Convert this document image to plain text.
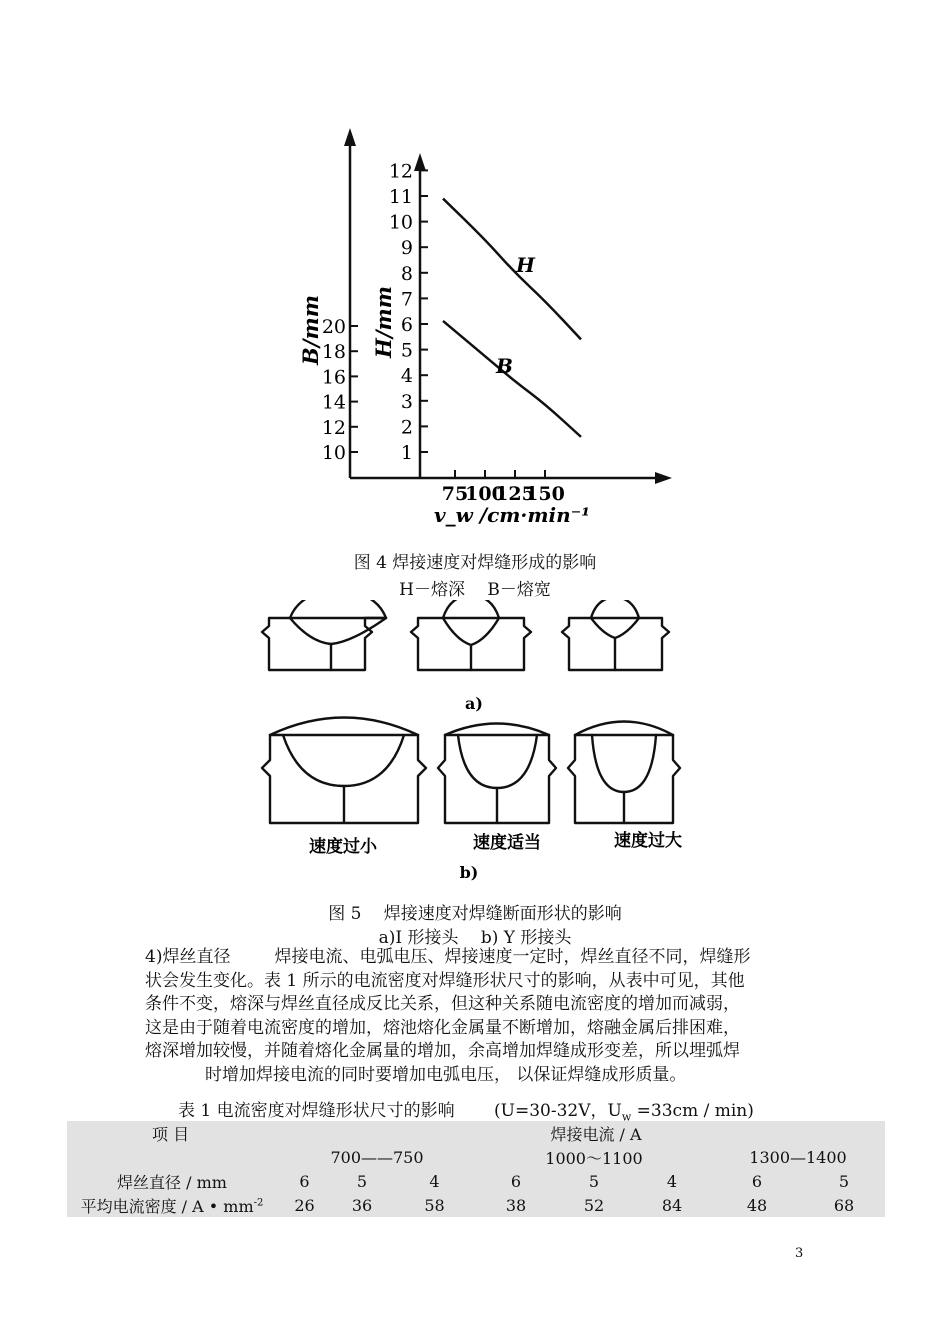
1
2
3
4
5
6
7
8
9
10
11
12
10
12
14
16
18
20
75
100
125
150
B/mm H/mm
v_w /cm·min⁻¹
H
B
图 4 焊接速度对焊缝形成的影响
H－熔深　 B－熔宽
a)
速度过小	速度适当	速度过大
b)
图 5　 焊接速度对焊缝断面形状的影响
a)I 形接头　 b) Y 形接头
4)焊丝直径	焊接电流、电弧电压、焊接速度一定时，焊丝直径不同，焊缝形
状会发生变化。表 1 所示的电流密度对焊缝形状尺寸的影响，从表中可见，其他
条件不变，熔深与焊丝直径成反比关系，但这种关系随电流密度的增加而减弱，
这是由于随着电流密度的增加，熔池熔化金属量不断增加，熔融金属后排困难，
熔深增加较慢，并随着熔化金属量的增加，余高增加焊缝成形变差，所以埋弧焊
时增加焊接电流的同时要增加电弧电压， 以保证焊缝成形质量。
表 1 电流密度对焊缝形状尺寸的影响　　 (U=30-32V，$U_w =33cm / \min$)
项 目	焊接电流 / A							
	700——750			1000～1100			1300—1400	
焊丝直径 / mm	6	5	4	6	5	4	6	5
平均电流密度 / A • $mm^{-2}$	26	36	58	38	52	84	48	68
3
